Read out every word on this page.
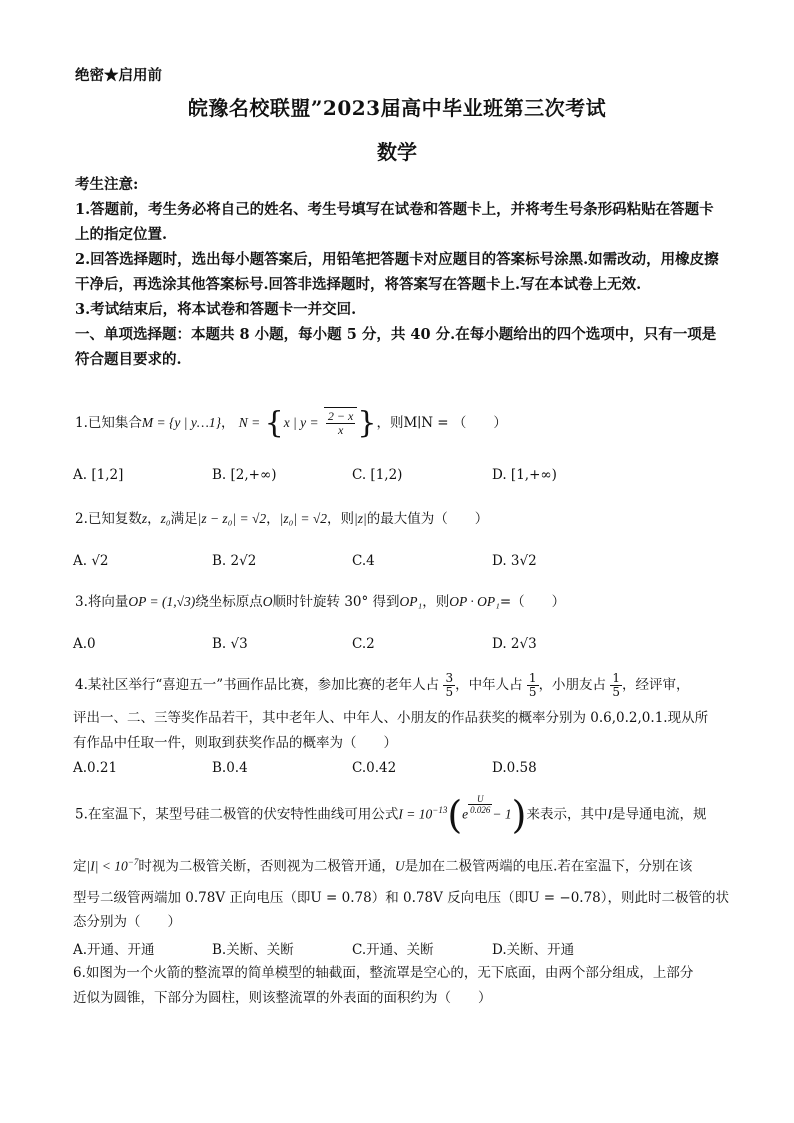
绝密★启用前
皖豫名校联盟”2023届高中毕业班第三次考试
数学

考生注意:

1.答题前，考生务必将自己的姓名、考生号填写在试卷和答题卡上，并将考生号条形码粘贴在答题卡上的指定位置.

2.回答选择题时，选出每小题答案后，用铅笔把答题卡对应题目的答案标号涂黑.如需改动，用橡皮擦干净后，再选涂其他答案标号.回答非选择题时，将答案写在答题卡上.写在本试卷上无效.

3.考试结束后，将本试卷和答题卡一并交回.

一、单项选择题：本题共 8 小题，每小题 5 分，共 40 分.在每小题给出的四个选项中，只有一项是符合题目要求的.

1.已知集合M = {y | y…1}， N = {x | $y = \frac{2 - x}{x}$ }，则M∣N = （　　）
A. [1,2]	B. [2,+∞)	C. [1,2)	D. [1,+∞)
2.已知复数z，z₀满足|z − z₀| = √2，|z₀| = √2，则|z|的最大值为（　　）
A. √2	B. 2√2	C.4	D. 3√2
3.将向量OP = (1,√3)绕坐标原点O顺时针旋转 30° 得到OP₁，则OP · OP₁=（　　）
A.0	B. √3	C.2	D. 2√3
4.某社区举行“喜迎五一”书画作品比赛，参加比赛的老年人占 $\frac{3}{5}$ ，中年人占 $\frac{1}{5}$ ，小朋友占 $\frac{1}{5}$ ，经评审，
评出一、二、三等奖作品若干，其中老年人、中年人、小朋友的作品获奖的概率分别为 0.6,0.2,0.1.现从所
有作品中任取一件，则取到获奖作品的概率为（　　）
A.0.21	B.0.4	C.0.42	D.0.58
5.在室温下，某型号硅二极管的伏安特性曲线可用公式$I = 10^{-13}(e \frac{U}{0.026} - 1)$来表示，其中I是导通电流，规
定$|I| < 10^{-7}$时视为二极管关断，否则视为二极管开通，U是加在二极管两端的电压.若在室温下，分别在该
型号二级管两端加 0.78V 正向电压（即U = 0.78）和 0.78V 反向电压（即U = −0.78），则此时二极管的状
态分别为（　　）
A.开通、开通	B.关断、关断	C.开通、关断	D.关断、开通
6.如图为一个火箭的整流罩的简单模型的轴截面，整流罩是空心的，无下底面，由两个部分组成，上部分
近似为圆锥，下部分为圆柱，则该整流罩的外表面的面积约为（　　）
